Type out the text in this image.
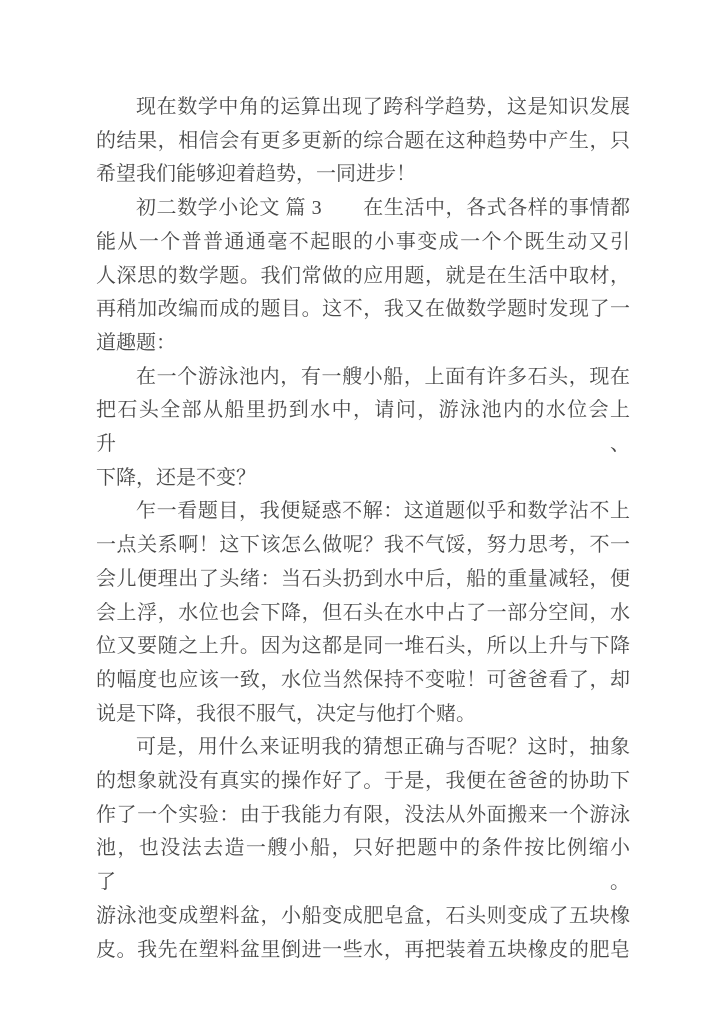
现在数学中角的运算出现了跨科学趋势，这是知识发展
的结果，相信会有更多更新的综合题在这种趋势中产生，只
希望我们能够迎着趋势，一同进步！
初二数学小论文 篇 3　　在生活中，各式各样的事情都
能从一个普普通通毫不起眼的小事变成一个个既生动又引
人深思的数学题。我们常做的应用题，就是在生活中取材，
再稍加改编而成的题目。这不，我又在做数学题时发现了一
道趣题：
在一个游泳池内，有一艘小船，上面有许多石头，现在
把石头全部从船里扔到水中，请问，游泳池内的水位会上升、
下降，还是不变？
乍一看题目，我便疑惑不解：这道题似乎和数学沾不上
一点关系啊！这下该怎么做呢？我不气馁，努力思考，不一
会儿便理出了头绪：当石头扔到水中后，船的重量减轻，便
会上浮，水位也会下降，但石头在水中占了一部分空间，水
位又要随之上升。因为这都是同一堆石头，所以上升与下降
的幅度也应该一致，水位当然保持不变啦！可爸爸看了，却
说是下降，我很不服气，决定与他打个赌。
可是，用什么来证明我的猜想正确与否呢？这时，抽象
的想象就没有真实的操作好了。于是，我便在爸爸的协助下
作了一个实验：由于我能力有限，没法从外面搬来一个游泳
池，也没法去造一艘小船，只好把题中的条件按比例缩小了。
游泳池变成塑料盆，小船变成肥皂盒，石头则变成了五块橡
皮。我先在塑料盆里倒进一些水，再把装着五块橡皮的肥皂
